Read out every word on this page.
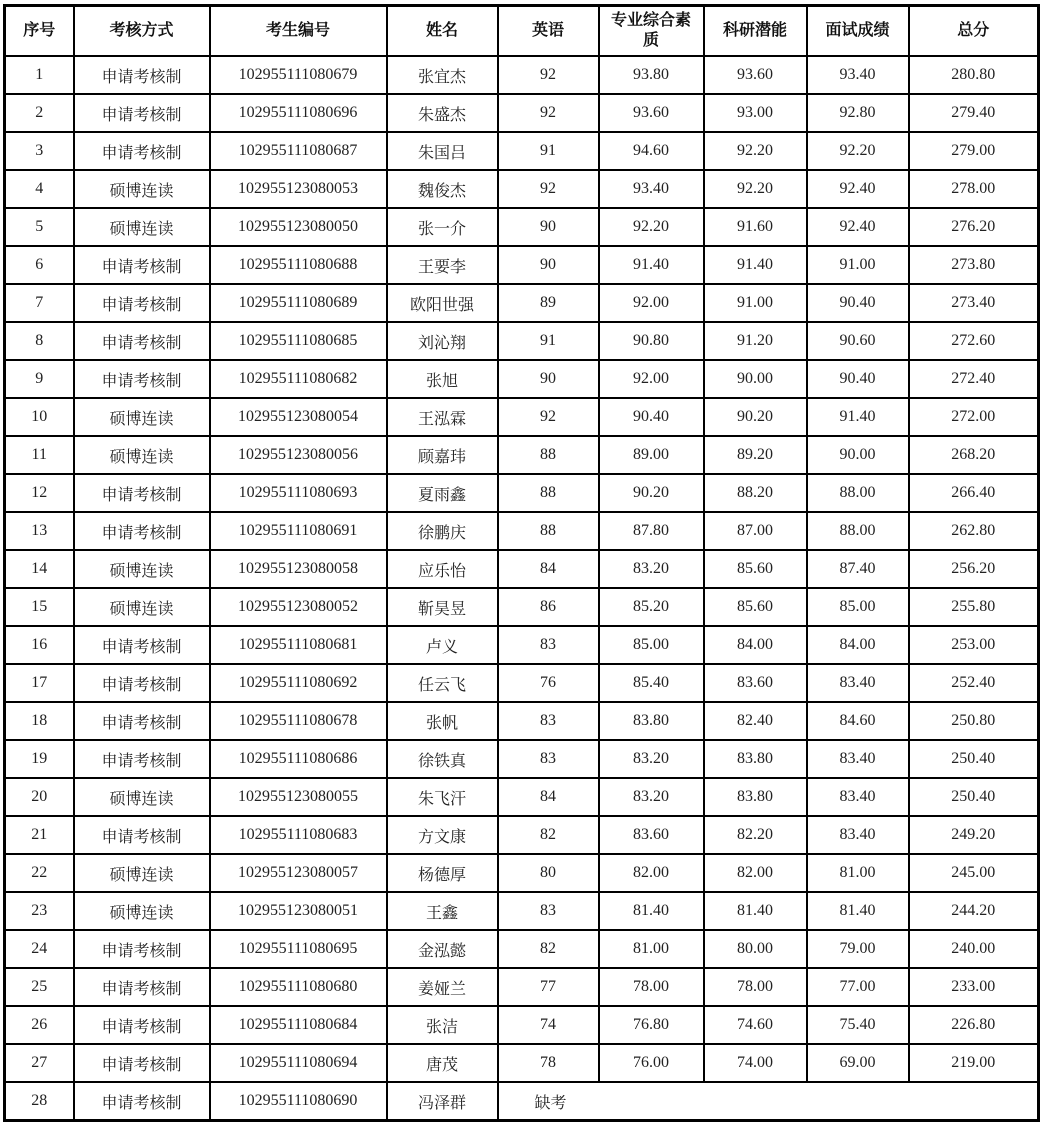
序号	考核方式	考生编号	姓名	英语	专业综合素质	科研潜能	面试成绩	总分
1	申请考核制	102955111080679	张宜杰	92	93.80	93.60	93.40	280.80
2	申请考核制	102955111080696	朱盛杰	92	93.60	93.00	92.80	279.40
3	申请考核制	102955111080687	朱国吕	91	94.60	92.20	92.20	279.00
4	硕博连读	102955123080053	魏俊杰	92	93.40	92.20	92.40	278.00
5	硕博连读	102955123080050	张一介	90	92.20	91.60	92.40	276.20
6	申请考核制	102955111080688	王要李	90	91.40	91.40	91.00	273.80
7	申请考核制	102955111080689	欧阳世强	89	92.00	91.00	90.40	273.40
8	申请考核制	102955111080685	刘沁翔	91	90.80	91.20	90.60	272.60
9	申请考核制	102955111080682	张旭	90	92.00	90.00	90.40	272.40
10	硕博连读	102955123080054	王泓霖	92	90.40	90.20	91.40	272.00
11	硕博连读	102955123080056	顾嘉玮	88	89.00	89.20	90.00	268.20
12	申请考核制	102955111080693	夏雨鑫	88	90.20	88.20	88.00	266.40
13	申请考核制	102955111080691	徐鹏庆	88	87.80	87.00	88.00	262.80
14	硕博连读	102955123080058	应乐怡	84	83.20	85.60	87.40	256.20
15	硕博连读	102955123080052	靳昊昱	86	85.20	85.60	85.00	255.80
16	申请考核制	102955111080681	卢义	83	85.00	84.00	84.00	253.00
17	申请考核制	102955111080692	任云飞	76	85.40	83.60	83.40	252.40
18	申请考核制	102955111080678	张帆	83	83.80	82.40	84.60	250.80
19	申请考核制	102955111080686	徐铁真	83	83.20	83.80	83.40	250.40
20	硕博连读	102955123080055	朱飞汗	84	83.20	83.80	83.40	250.40
21	申请考核制	102955111080683	方文康	82	83.60	82.20	83.40	249.20
22	硕博连读	102955123080057	杨德厚	80	82.00	82.00	81.00	245.00
23	硕博连读	102955123080051	王鑫	83	81.40	81.40	81.40	244.20
24	申请考核制	102955111080695	金泓懿	82	81.00	80.00	79.00	240.00
25	申请考核制	102955111080680	姜娅兰	77	78.00	78.00	77.00	233.00
26	申请考核制	102955111080684	张洁	74	76.80	74.60	75.40	226.80
27	申请考核制	102955111080694	唐茂	78	76.00	74.00	69.00	219.00
28	申请考核制	102955111080690	冯泽群	缺考				
